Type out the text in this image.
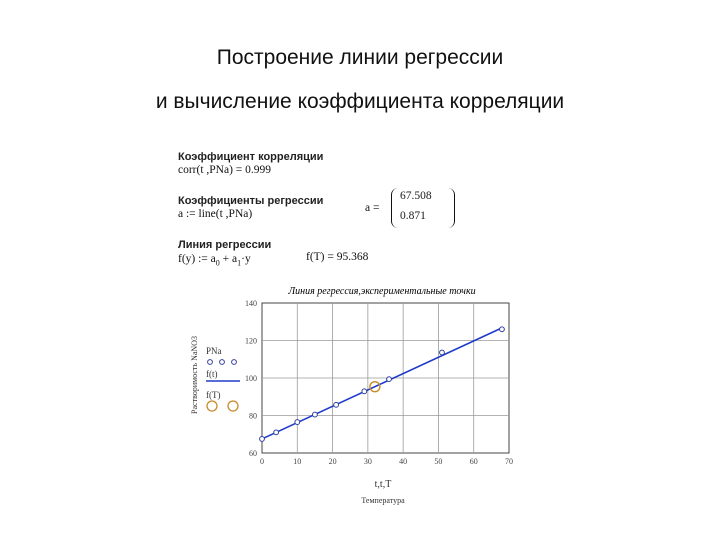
Построение линии регрессии
и вычисление коэффициента корреляции
Коэффициент корреляции
corr(t ,PNa) = 0.999
Коэффициенты регрессии
a := line(t ,PNa)	a =
67.508
0.871
Линия регрессии
f(y) := $a_0 + a_1\cdot y$	f(T) = 95.368
Линия регрессия,экспериментальные точки
60
80
100
120
140
0	10	20	30	40	50	60	70
Растворимость NaNO3
t,t,T
Температура
PNa
f(t)
f(T)
